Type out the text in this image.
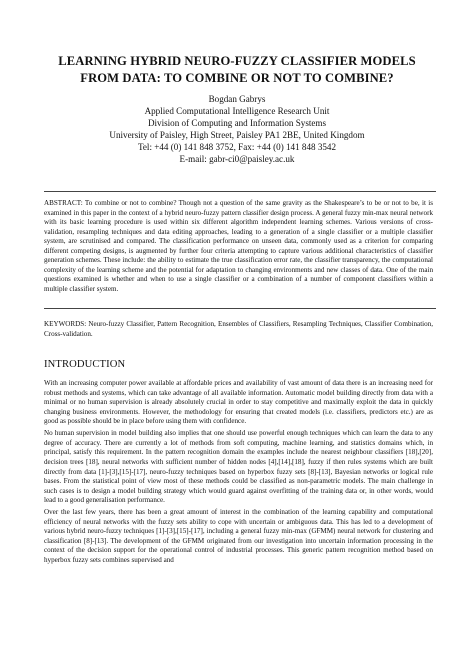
LEARNING HYBRID NEURO-FUZZY CLASSIFIER MODELS
FROM DATA: TO COMBINE OR NOT TO COMBINE?
Bogdan Gabrys
Applied Computational Intelligence Research Unit
Division of Computing and Information Systems
University of Paisley, High Street, Paisley PA1 2BE, United Kingdom
Tel: +44 (0) 141 848 3752, Fax: +44 (0) 141 848 3542
E-mail: gabr-ci0@paisley.ac.uk
ABSTRACT: To combine or not to combine? Though not a question of the same gravity as the Shakespeare’s to be or not to be, it is examined in this paper in the context of a hybrid neuro-fuzzy pattern classifier design process. A general fuzzy min-max neural network with its basic learning procedure is used within six different algorithm independent learning schemes. Various versions of cross-validation, resampling techniques and data editing approaches, leading to a generation of a single classifier or a multiple classifier system, are scrutinised and compared. The classification performance on unseen data, commonly used as a criterion for comparing different competing designs, is augmented by further four criteria attempting to capture various additional characteristics of classifier generation schemes. These include: the ability to estimate the true classification error rate, the classifier transparency, the computational complexity of the learning scheme and the potential for adaptation to changing environments and new classes of data. One of the main questions examined is whether and when to use a single classifier or a combination of a number of component classifiers within a multiple classifier system.
KEYWORDS: Neuro-fuzzy Classifier, Pattern Recognition, Ensembles of Classifiers, Resampling Techniques, Classifier Combination, Cross-validation.
INTRODUCTION

With an increasing computer power available at affordable prices and availability of vast amount of data there is an increasing need for robust methods and systems, which can take advantage of all available information. Automatic model building directly from data with a minimal or no human supervision is already absolutely crucial in order to stay competitive and maximally exploit the data in quickly changing business environments. However, the methodology for ensuring that created models (i.e. classifiers, predictors etc.) are as good as possible should be in place before using them with confidence.

No human supervision in model building also implies that one should use powerful enough techniques which can learn the data to any degree of accuracy. There are currently a lot of methods from soft computing, machine learning, and statistics domains which, in principal, satisfy this requirement. In the pattern recognition domain the examples include the nearest neighbour classifiers [18],[20], decision trees [18], neural networks with sufficient number of hidden nodes [4],[14],[18], fuzzy if then rules systems which are built directly from data [1]-[3],[15]-[17], neuro-fuzzy techniques based on hyperbox fuzzy sets [8]-[13], Bayesian networks or logical rule bases. From the statistical point of view most of these methods could be classified as non-parametric models. The main challenge in such cases is to design a model building strategy which would guard against overfitting of the training data or, in other words, would lead to a good generalisation performance.

Over the last few years, there has been a great amount of interest in the combination of the learning capability and computational efficiency of neural networks with the fuzzy sets ability to cope with uncertain or ambiguous data. This has led to a development of various hybrid neuro-fuzzy techniques [1]-[3],[15]-[17], including a general fuzzy min-max (GFMM) neural network for clustering and classification [8]-[13]. The development of the GFMM originated from our investigation into uncertain information processing in the context of the decision support for the operational control of industrial processes. This generic pattern recognition method based on hyperbox fuzzy sets combines supervised and
